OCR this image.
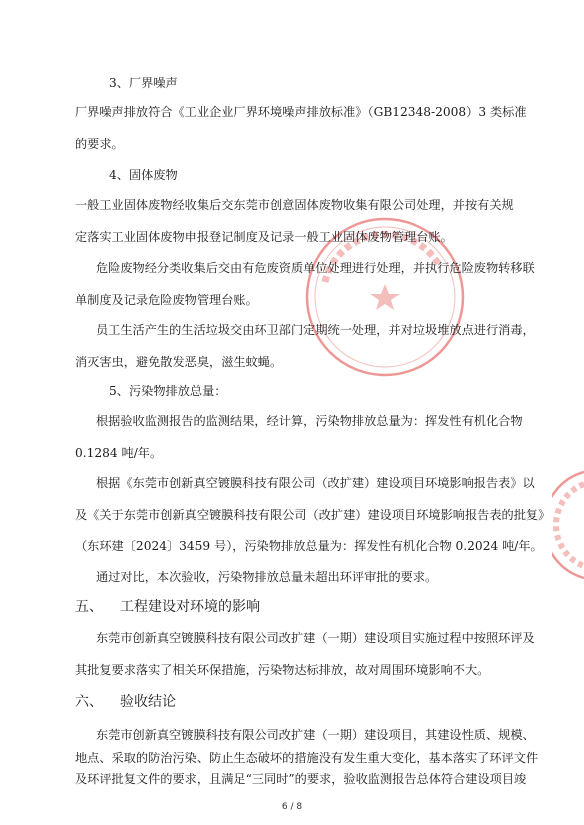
3、厂界噪声
厂界噪声排放符合《工业企业厂界环境噪声排放标准》（GB12348-2008）3 类标准
的要求。
4、固体废物
一般工业固体废物经收集后交东莞市创意固体废物收集有限公司处理，并按有关规
定落实工业固体废物申报登记制度及记录一般工业固体废物管理台账。
危险废物经分类收集后交由有危废资质单位处理进行处理，并执行危险废物转移联
单制度及记录危险废物管理台账。
员工生活产生的生活垃圾交由环卫部门定期统一处理，并对垃圾堆放点进行消毒，
消灭害虫，避免散发恶臭，滋生蚊蝇。
5、污染物排放总量：
根据验收监测报告的监测结果，经计算，污染物排放总量为：挥发性有机化合物
0.1284 吨/年。
根据《东莞市创新真空镀膜科技有限公司（改扩建）建设项目环境影响报告表》以
及《关于东莞市创新真空镀膜科技有限公司（改扩建）建设项目环境影响报告表的批复》
（东环建〔2024〕3459 号），污染物排放总量为：挥发性有机化合物 0.2024 吨/年。
通过对比，本次验收，污染物排放总量未超出环评审批的要求。
五、 工程建设对环境的影响
东莞市创新真空镀膜科技有限公司改扩建（一期）建设项目实施过程中按照环评及
其批复要求落实了相关环保措施，污染物达标排放，故对周围环境影响不大。
六、 验收结论
东莞市创新真空镀膜科技有限公司改扩建（一期）建设项目，其建设性质、规模、
地点、采取的防治污染、防止生态破坏的措施没有发生重大变化，基本落实了环评文件
6 / 8
及环评批复文件的要求，且满足“三同时”的要求，验收监测报告总体符合建设项目竣
